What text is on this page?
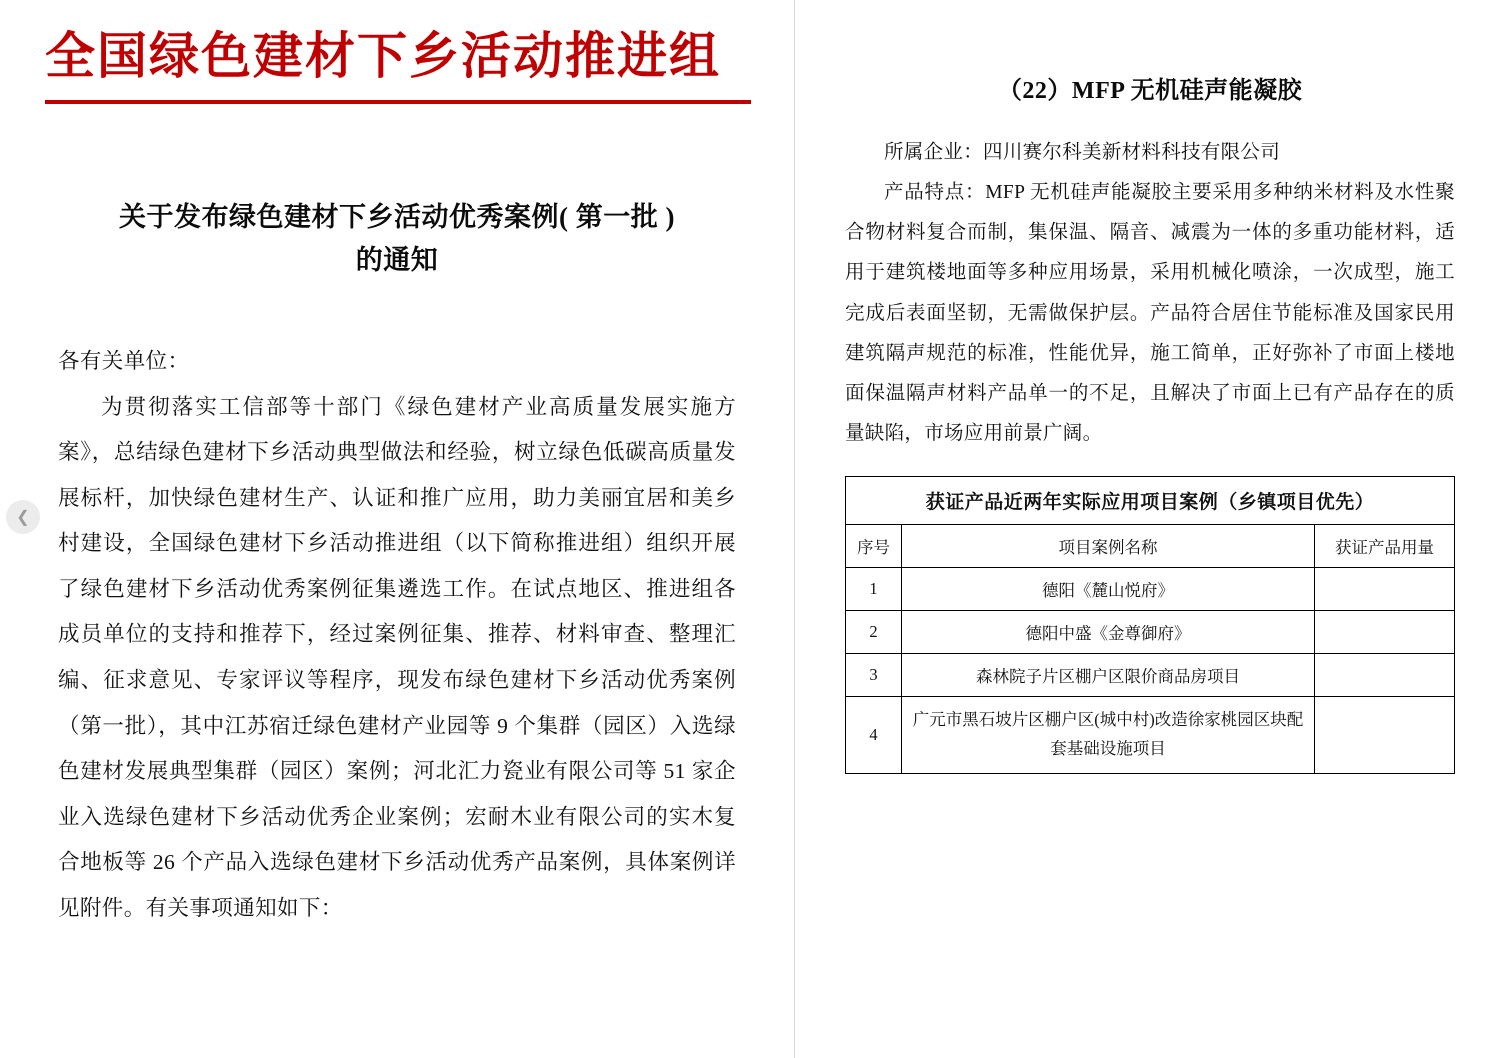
全国绿色建材下乡活动推进组
关于发布绿色建材下乡活动优秀案例( 第一批 )
的通知

各有关单位：

为贯彻落实工信部等十部门《绿色建材产业高质量发展实施方案》，总结绿色建材下乡活动典型做法和经验，树立绿色低碳高质量发展标杆，加快绿色建材生产、认证和推广应用，助力美丽宜居和美乡村建设，全国绿色建材下乡活动推进组（以下简称推进组）组织开展了绿色建材下乡活动优秀案例征集遴选工作。在试点地区、推进组各成员单位的支持和推荐下，经过案例征集、推荐、材料审查、整理汇编、征求意见、专家评议等程序，现发布绿色建材下乡活动优秀案例（第一批），其中江苏宿迁绿色建材产业园等 9 个集群（园区）入选绿色建材发展典型集群（园区）案例；河北汇力瓷业有限公司等 51 家企业入选绿色建材下乡活动优秀企业案例；宏耐木业有限公司的实木复合地板等 26 个产品入选绿色建材下乡活动优秀产品案例，具体案例详见附件。有关事项通知如下：

❮
（22）MFP 无机硅声能凝胶

所属企业：四川赛尔科美新材料科技有限公司

产品特点：MFP 无机硅声能凝胶主要采用多种纳米材料及水性聚合物材料复合而制，集保温、隔音、减震为一体的多重功能材料，适用于建筑楼地面等多种应用场景，采用机械化喷涂，一次成型，施工完成后表面坚韧，无需做保护层。产品符合居住节能标准及国家民用建筑隔声规范的标准，性能优异，施工简单，正好弥补了市面上楼地面保温隔声材料产品单一的不足，且解决了市面上已有产品存在的质量缺陷，市场应用前景广阔。

获证产品近两年实际应用项目案例（乡镇项目优先）		
序号	项目案例名称	获证产品用量
1	德阳《麓山悦府》	
2	德阳中盛《金尊御府》	
3	森林院子片区棚户区限价商品房项目	
4	广元市黑石坡片区棚户区(城中村)改造徐家桃园区块配套基础设施项目	
